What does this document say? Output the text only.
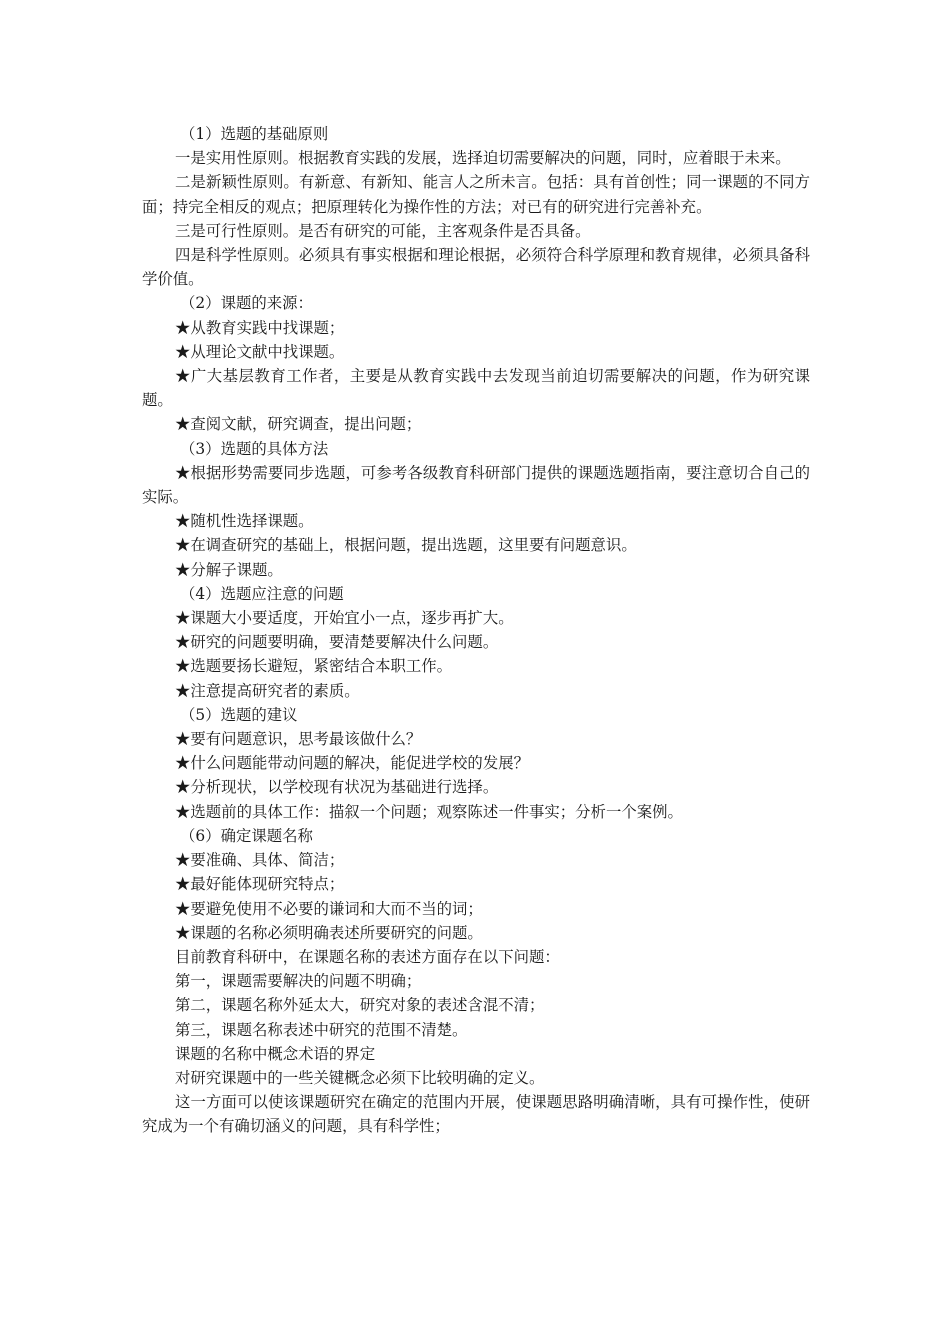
（1）选题的基础原则

一是实用性原则。根据教育实践的发展，选择迫切需要解决的问题，同时，应着眼于未来。

二是新颖性原则。有新意、有新知、能言人之所未言。包括：具有首创性；同一课题的不同方面；持完全相反的观点；把原理转化为操作性的方法；对已有的研究进行完善补充。

三是可行性原则。是否有研究的可能，主客观条件是否具备。

四是科学性原则。必须具有事实根据和理论根据，必须符合科学原理和教育规律，必须具备科学价值。

（2）课题的来源：

★从教育实践中找课题；

★从理论文献中找课题。

★广大基层教育工作者，主要是从教育实践中去发现当前迫切需要解决的问题，作为研究课题。

★查阅文献，研究调查，提出问题；

（3）选题的具体方法

★根据形势需要同步选题，可参考各级教育科研部门提供的课题选题指南，要注意切合自己的实际。

★随机性选择课题。

★在调查研究的基础上，根据问题，提出选题，这里要有问题意识。

★分解子课题。

（4）选题应注意的问题

★课题大小要适度，开始宜小一点，逐步再扩大。

★研究的问题要明确，要清楚要解决什么问题。

★选题要扬长避短，紧密结合本职工作。

★注意提高研究者的素质。

（5）选题的建议

★要有问题意识，思考最该做什么？

★什么问题能带动问题的解决，能促进学校的发展？

★分析现状，以学校现有状况为基础进行选择。

★选题前的具体工作：描叙一个问题；观察陈述一件事实；分析一个案例。

（6）确定课题名称

★要准确、具体、简洁；

★最好能体现研究特点；

★要避免使用不必要的谦词和大而不当的词；

★课题的名称必须明确表述所要研究的问题。

目前教育科研中，在课题名称的表述方面存在以下问题：

第一，课题需要解决的问题不明确；

第二，课题名称外延太大，研究对象的表述含混不清；

第三，课题名称表述中研究的范围不清楚。

课题的名称中概念术语的界定

对研究课题中的一些关键概念必须下比较明确的定义。

这一方面可以使该课题研究在确定的范围内开展，使课题思路明确清晰，具有可操作性，使研究成为一个有确切涵义的问题，具有科学性；
